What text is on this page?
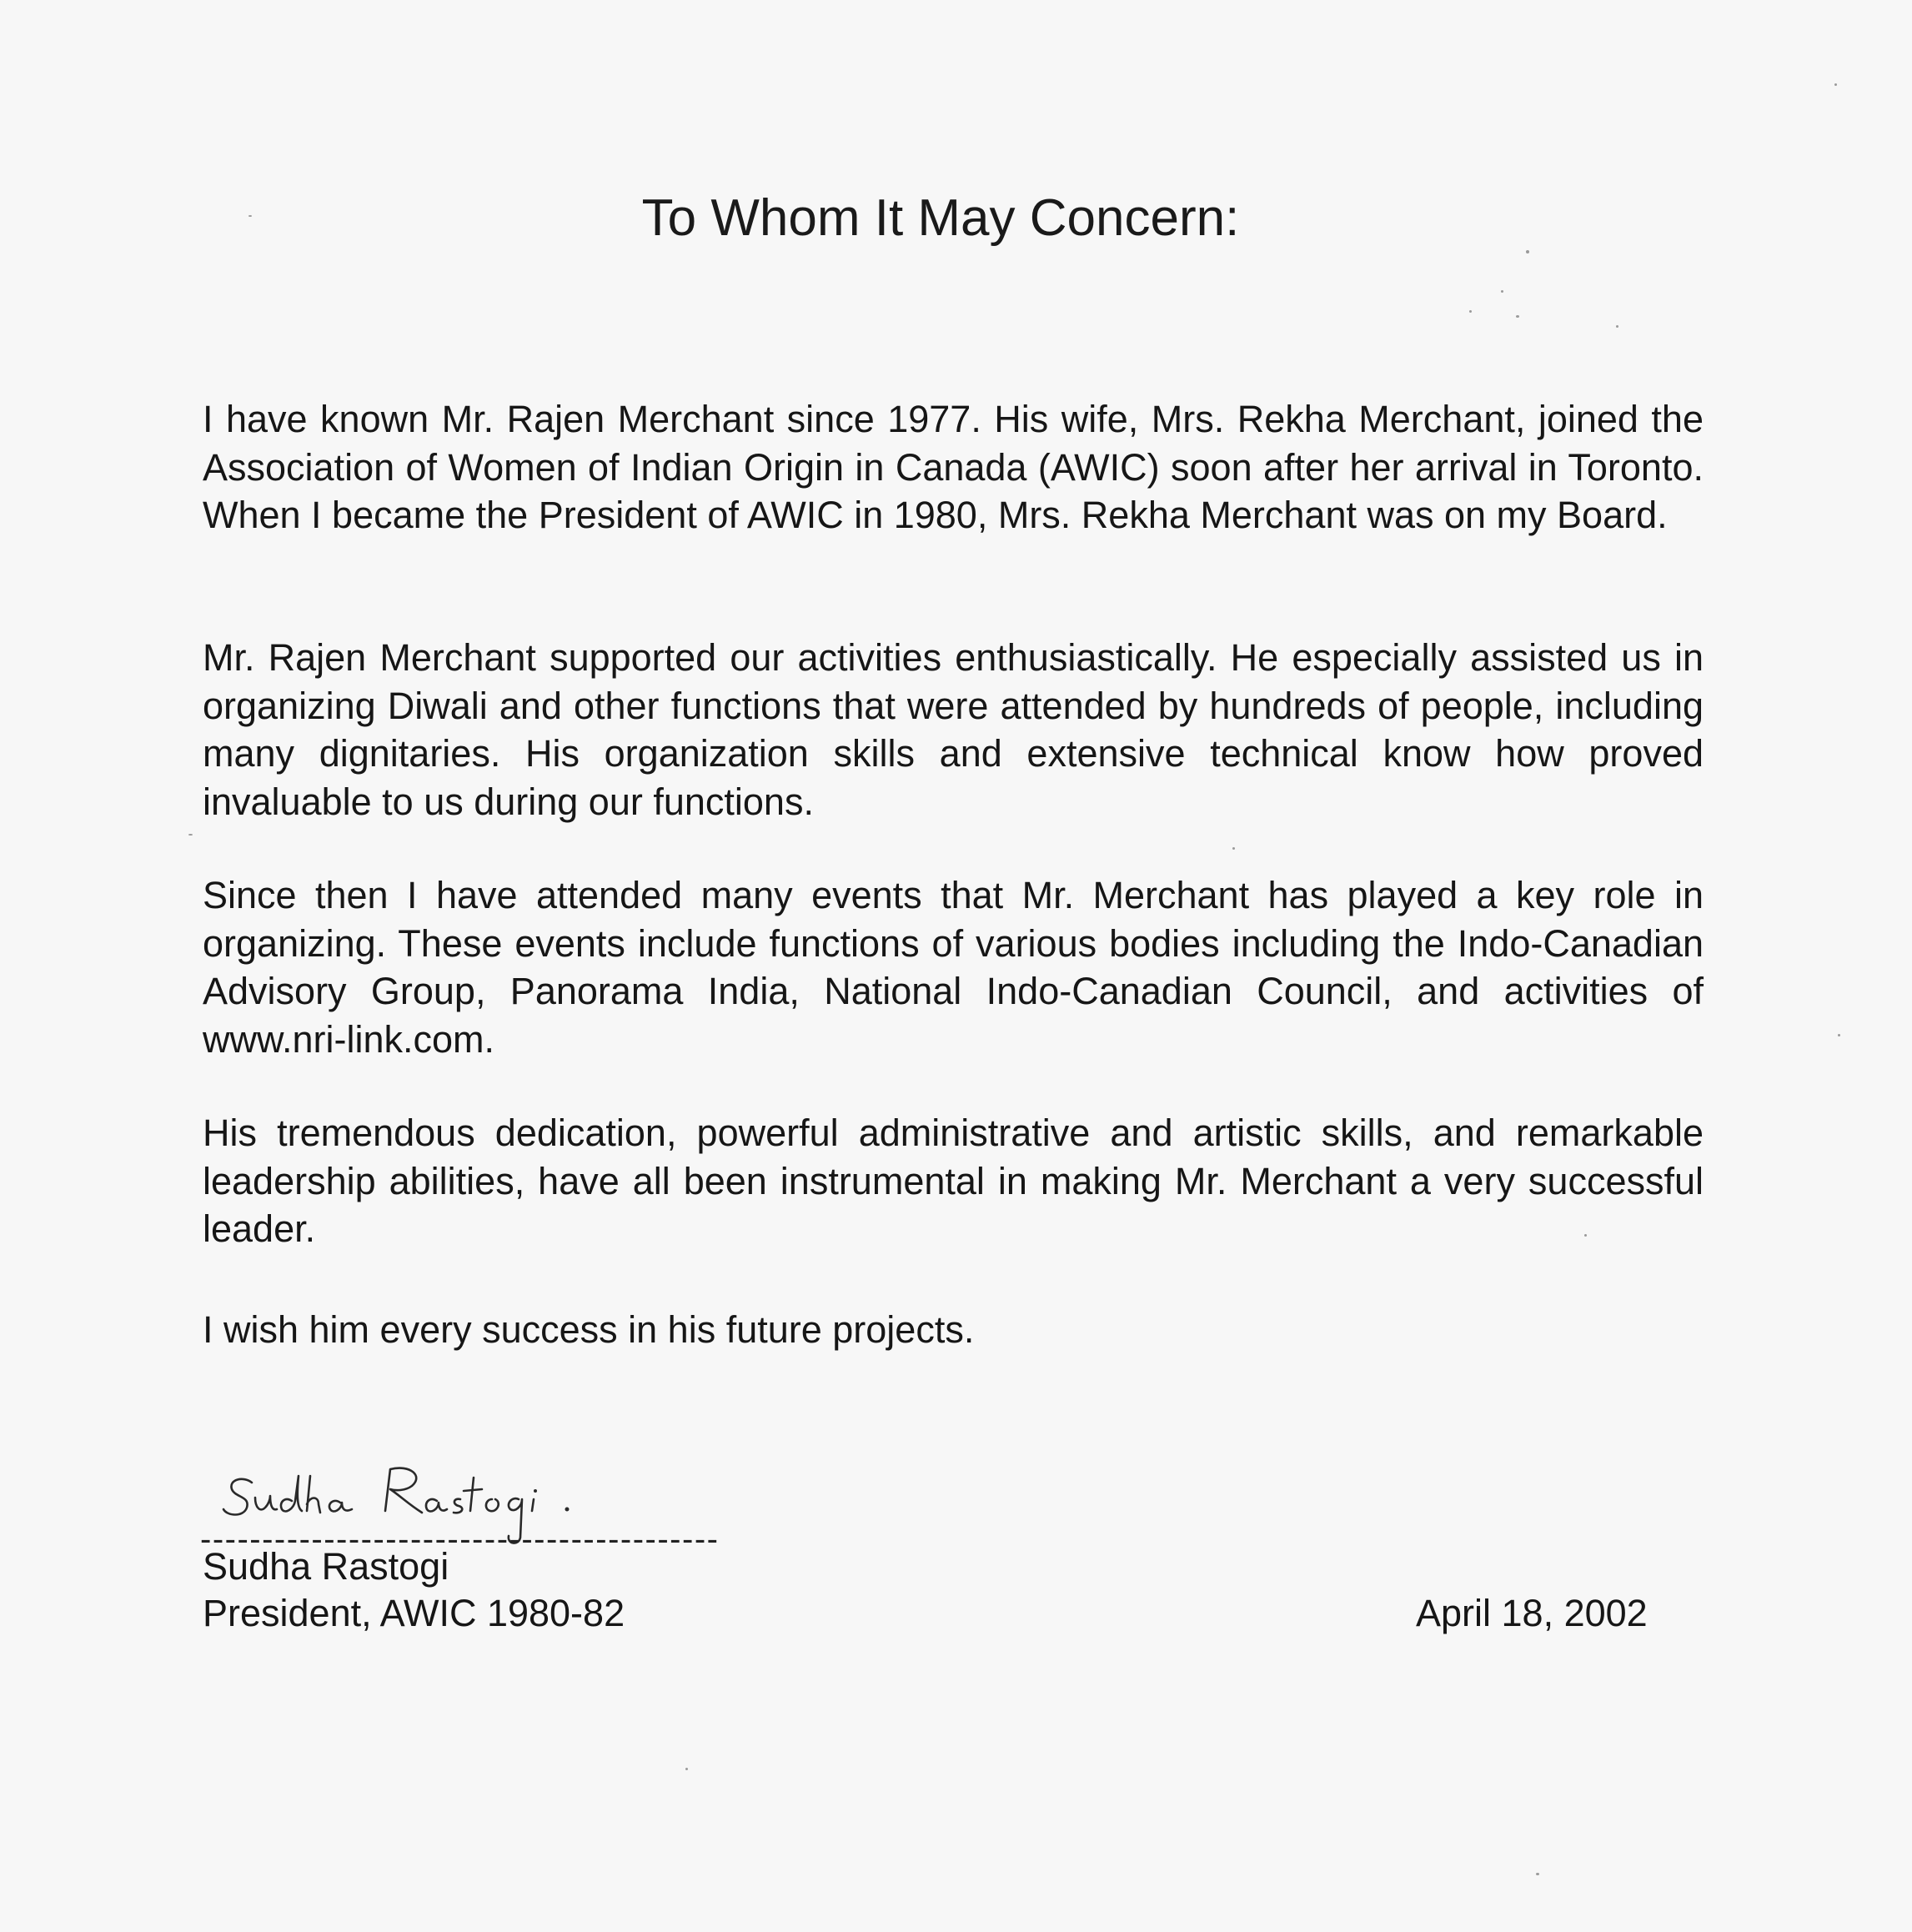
To Whom It May Concern:
I have known Mr. Rajen Merchant since 1977. His wife, Mrs. Rekha Merchant, joined the Association of Women of Indian Origin in Canada (AWIC) soon after her arrival in Toronto. When I became the President of AWIC in 1980, Mrs. Rekha Merchant was on my Board.
Mr. Rajen Merchant supported our activities enthusiastically. He especially assisted us in organizing Diwali and other functions that were attended by hundreds of people, including many dignitaries. His organization skills and extensive technical know how proved invaluable to us during our functions.
Since then I have attended many events that Mr. Merchant has played a key role in organizing. These events include functions of various bodies including the Indo-Canadian Advisory Group, Panorama India, National Indo-Canadian Council, and activities of www.nri-link.com.
His tremendous dedication, powerful administrative and artistic skills, and remarkable leadership abilities, have all been instrumental in making Mr. Merchant a very successful leader.
I wish him every success in his future projects.
------------------------------------------
Sudha Rastogi
President, AWIC 1980-82	April 18, 2002
